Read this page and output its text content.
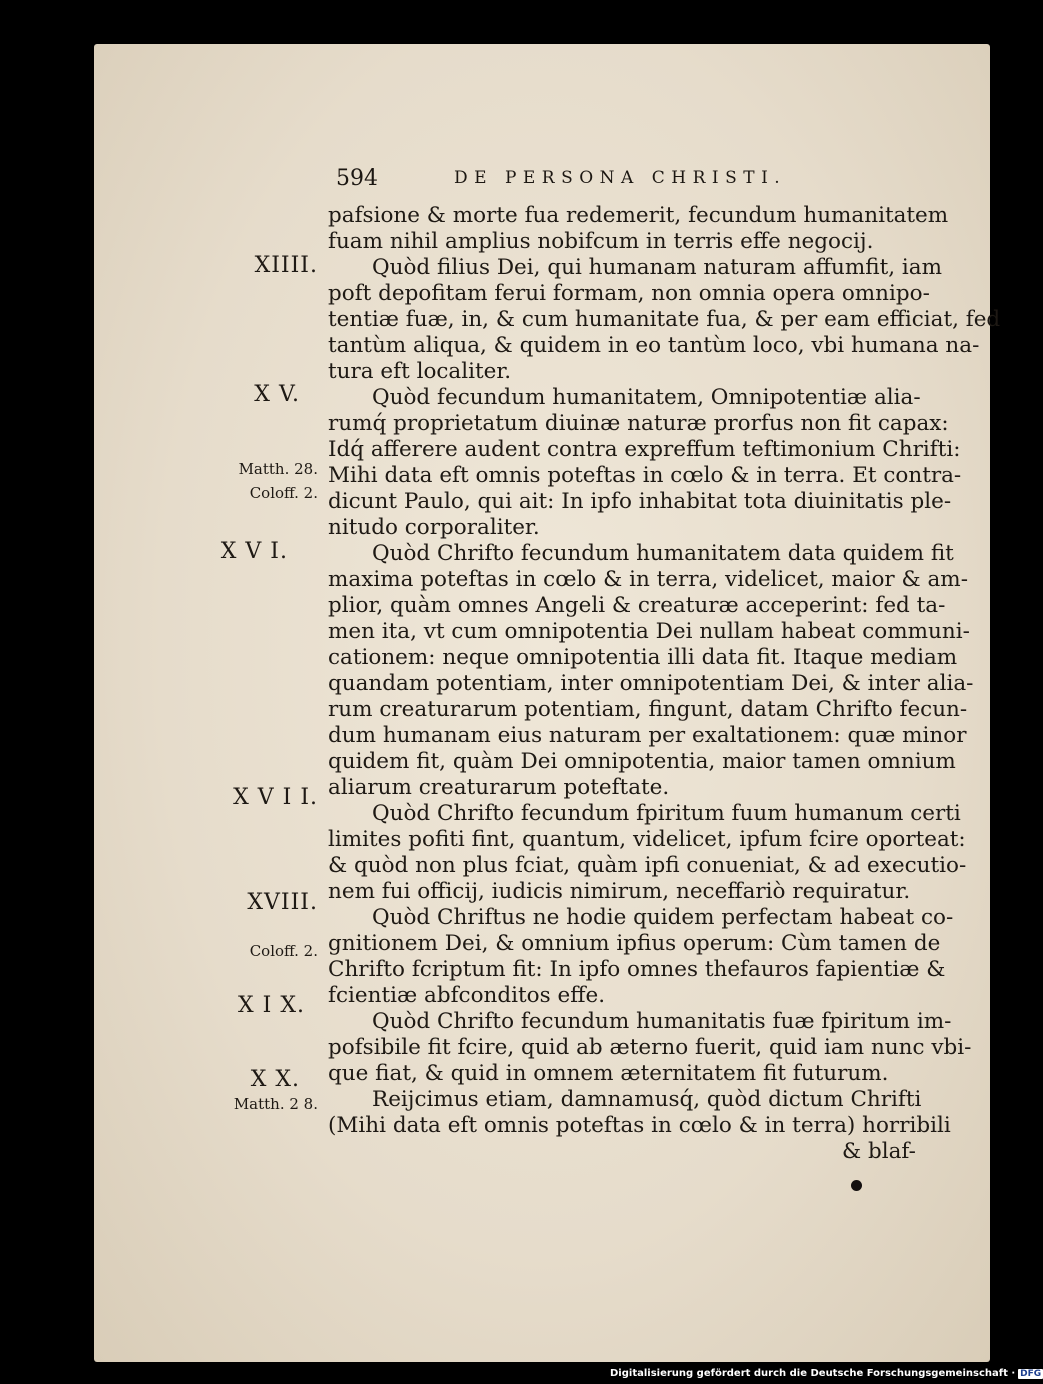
594	DE PERSONA CHRISTI.
XIIII.
X V.
X V I.
X V I I.
XVIII.
X I X.
X X.
Matth. 28.
Coloff. 2.
Coloff. 2.
Matth. 2 8.
pafsione & morte fua redemerit, fecundum humanitatem
fuam nihil amplius nobifcum in terris effe negocij.
Quòd filius Dei, qui humanam naturam affumfit, iam
poft depofitam ferui formam, non omnia opera omnipo-
tentiæ fuæ, in, & cum humanitate fua, & per eam efficiat, fed
tantùm aliqua, & quidem in eo tantùm loco, vbi humana na-
tura eft localiter.
Quòd fecundum humanitatem, Omnipotentiæ alia-
rumq́ proprietatum diuinæ naturæ prorfus non fit capax:
Idq́ afferere audent contra expreffum teftimonium Chrifti:
Mihi data eft omnis poteftas in cœlo & in terra. Et contra-
dicunt Paulo, qui ait: In ipfo inhabitat tota diuinitatis ple-
nitudo corporaliter.
Quòd Chrifto fecundum humanitatem data quidem fit
maxima poteftas in cœlo & in terra, videlicet, maior & am-
plior, quàm omnes Angeli & creaturæ acceperint: fed ta-
men ita, vt cum omnipotentia Dei nullam habeat communi-
cationem: neque omnipotentia illi data fit. Itaque mediam
quandam potentiam, inter omnipotentiam Dei, & inter alia-
rum creaturarum potentiam, fingunt, datam Chrifto fecun-
dum humanam eius naturam per exaltationem: quæ minor
quidem fit, quàm Dei omnipotentia, maior tamen omnium
aliarum creaturarum poteftate.
Quòd Chrifto fecundum fpiritum fuum humanum certi
limites pofiti fint, quantum, videlicet, ipfum fcire oporteat:
& quòd non plus fciat, quàm ipfi conueniat, & ad executio-
nem fui officij, iudicis nimirum, neceffariò requiratur.
Quòd Chriftus ne hodie quidem perfectam habeat co-
gnitionem Dei, & omnium ipfius operum: Cùm tamen de
Chrifto fcriptum fit: In ipfo omnes thefauros fapientiæ &
fcientiæ abfconditos effe.
Quòd Chrifto fecundum humanitatis fuæ fpiritum im-
pofsibile fit fcire, quid ab æterno fuerit, quid iam nunc vbi-
que fiat, & quid in omnem æternitatem fit futurum.
Reijcimus etiam, damnamusq́, quòd dictum Chrifti
(Mihi data eft omnis poteftas in cœlo & in terra) horribili
& blaf-
Digitalisierung gefördert durch die Deutsche Forschungsgemeinschaft · DFG
